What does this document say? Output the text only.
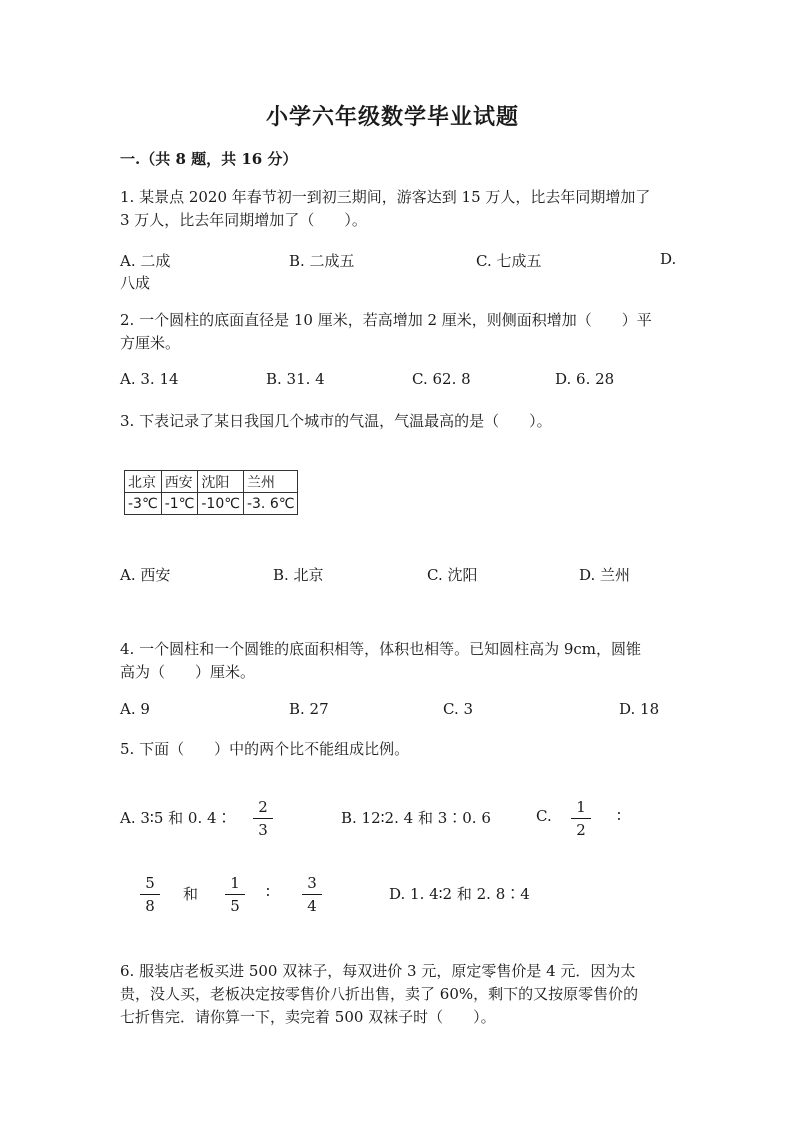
小学六年级数学毕业试题
一.（共 8 题，共 16 分）
1. 某景点 2020 年春节初一到初三期间，游客达到 15 万人，比去年同期增加了
3 万人，比去年同期增加了（　　）。
A. 二成	B. 二成五	C. 七成五	D.
八成
2. 一个圆柱的底面直径是 10 厘米，若高增加 2 厘米，则侧面积增加（　　）平
方厘米。
A. 3. 14	B. 31. 4	C. 62. 8	D. 6. 28
3. 下表记录了某日我国几个城市的气温，气温最高的是（　　）。
北京	西安	沈阳	兰州
-3℃	-1℃	-10℃	-3. 6℃
A. 西安	B. 北京	C. 沈阳	D. 兰州
4. 一个圆柱和一个圆锥的底面积相等，体积也相等。已知圆柱高为 9cm，圆锥
高为（　　）厘米。
A. 9	B. 27	C. 3	D. 18
5. 下面（　　）中的两个比不能组成比例。
A. 3∶5 和 0. 4∶
2
3
B. 12∶2. 4 和 3∶0. 6	C.	1
2
∶
5
8
和
1
5
∶	3
4
D. 1. 4∶2 和 2. 8∶4
6. 服装店老板买进 500 双袜子，每双进价 3 元，原定零售价是 4 元．因为太
贵，没人买，老板决定按零售价八折出售，卖了 60%，剩下的又按原零售价的
七折售完．请你算一下，卖完着 500 双袜子时（　　）。
